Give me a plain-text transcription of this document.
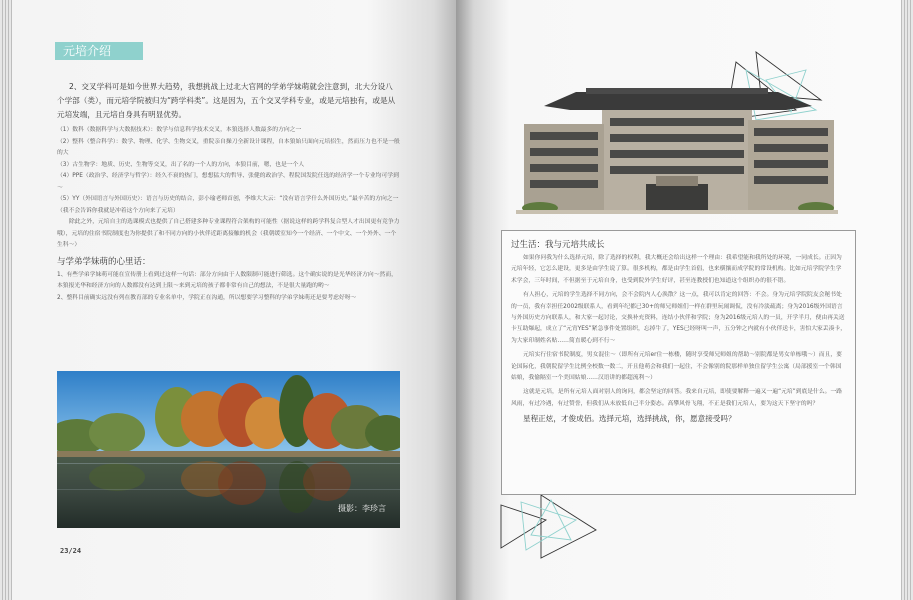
元培介绍

2、交叉学科可是如今世界大趋势，我想挑战上过北大官网的学弟学妹萌就会注意到，北大分设八个学部（类），而元培学院被归为“跨学科类”。这是因为，五个交叉学科专业，或是元培独有，或是从元培发端，且元培自身具有明显优势。

（1）数科（数据科学与大数据技术）：数学与信息科学技术交叉，本狼选择人数最多的方向之一

（2）整科（整合科学）：数学、物理、化学、生物交叉，重院亲自操刀全新设计课程，自本狼始只面向元培招生，然而压力也不是一般的大

（3）古生物学：地质、历史、生物等交叉，出了名的一个人的方向，本狼目前，嗯，也是一个人

（4）PPE（政治学、经济学与哲学）：经久不衰的热门，想想猛大的哲导、张健的政治学、程院国发院任选的经济学一个专业均可学到～

（5）YY（外国语言与外国历史）：语言与历史的结合，彭小瑜老师首创，李维大大云：“没有语言学什么外国历史。”最辛苦的方向之一（我不会告诉你我就是冲着这个方向来了元培）

除此之外，元培自主的选课模式也提供了自己搭建多种专业课程符合架构的可能性（据说这样的跨学科复合型人才出国更有竞争力哦），元培的住宿书院制度也为你提供了和不同方向的小伙伴近距离接触的机会（我朝缓室知今一个经济、一个中文、一个外外、一个生科～）

与学弟学妹萌的心里话：

1、有些学弟学妹萌可能在宣传册上看到过这样一句话：部分方向由于人数限制可能进行筛选。这个确实说的是光华经济方向～然而，本狼报光华和经济方向的人数都没有达到上限～来到元培的孩子都非常有自己的想法，不是很大量跑的哟～

2、整科目前确实远没有列在教育部的专业名单中，学院正在沟通，所以想要学习整科的学弟学妹萌还是要考虑好呀～

摄影：李珍言
23/24

过生活：我与元培共成长

如果你问我为什么选择元培，除了选择的权利，我大概还会给出这样一个理由：我希望能和我所处的环境，一同成长。正因为元培年轻，它怎么建设，更多是由学生说了算。很多机构，都是由学生首倡，也来横攘而成学院的常设机构。比如元培学院学生学术学会，三年时间，不但据至于元培自身，也受到院外学生好评，甚至连教授们也知道这个组织办的很不错。

有人担心，元培的学生选择不同方向，会不会院内人心涣散？这一点，我可以肯定的回答：不会。身为元培学院院友会秘书处的一员，我有幸担任2002级联系人，看到年纪都已30+的师兄师姐们一样在群里玩闹调侃，没有冷淡疏离；身为2016级外国语言与外国历史方向联系人，和大家一起讨论，交换补充资料，连结小伙伴和学院；身为2016级元培人的一员，开学半月，便由再关送卡互助爆起，成立了“元宵YES”紧急事件处置组织，忘掉牛了，YES已经呀叫一声，五分钟之内就有小伙伴送卡，害怕大家丢凑卡，为大家印制姓名贴……简直暖心到不行～

元培实行住宿书院制度，男女混住～（即所有元培er住一栋楼，随时享受师兄师姐的帮助～别院都是男女单栋哦～）而且，要论国际化，我朝院留学生比例全校数一数二，开且他萌会和我们一起住，不会像别的院那样单独住留学生公寓（局部援室一个韩国姑娘，我偷隔室一个美国姑娘……汉语讲的都超流利～）

这就是元培，是所有元培人面对别人的询问，都会坚定的回答。我来自元培，即使要解释一遍又一遍“元培”到底是什么。一路风雨，有过冷遇，有过赞誉，但我们从未放低自己半分姿态。高攀风骨飞翔，不正是我们元培人，要为这天下坚守的吗？

星程正炫，才俊成佰。选择元培，选择挑战，你，愿意接受吗？
